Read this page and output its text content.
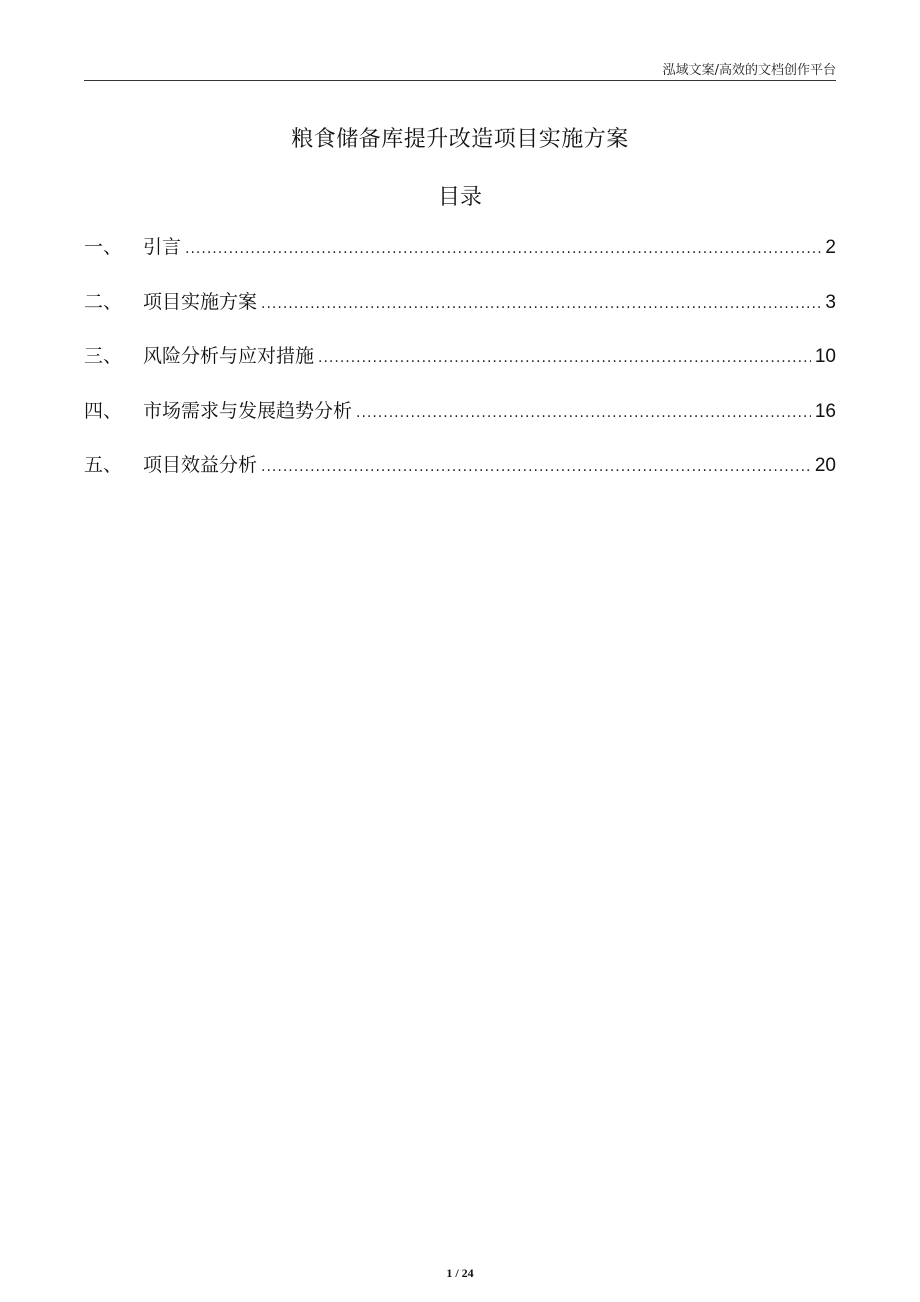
泓域文案/高效的文档创作平台
粮食储备库提升改造项目实施方案
目录
一、	引言 .....	2
二、	项目实施方案 .....	3
三、	风险分析与应对措施 .....	10
四、	市场需求与发展趋势分析 .....	16
五、	项目效益分析 .....	20
1 / 24
